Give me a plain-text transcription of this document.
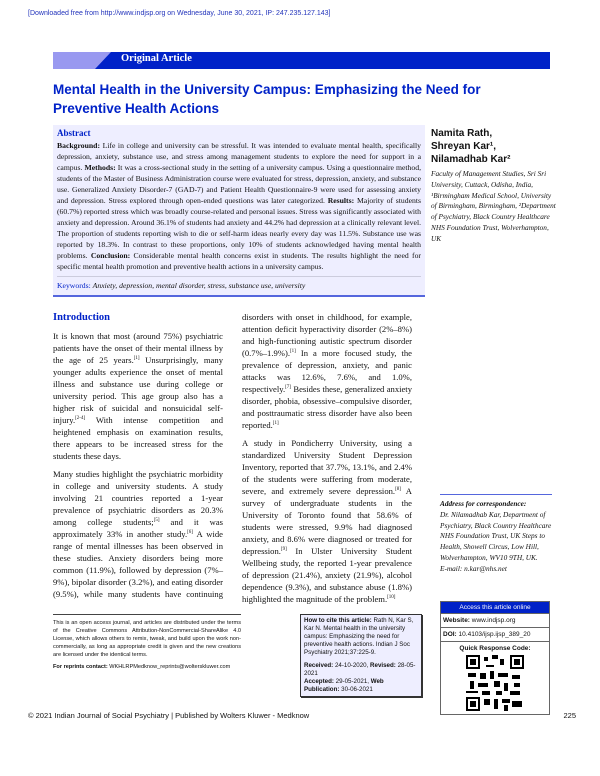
[Downloaded free from http://www.indjsp.org on Wednesday, June 30, 2021, IP: 247.235.127.143]
Original Article
Mental Health in the University Campus: Emphasizing the Need for Preventive Health Actions
Abstract

Background: Life in college and university can be stressful. It was intended to evaluate mental health, specifically depression, anxiety, substance use, and stress among management students to explore the need for support in a campus. Methods: It was a cross-sectional study in the setting of a university campus. Using a questionnaire method, students of the Master of Business Administration course were evaluated for stress, depression, anxiety, and substance use. Generalized Anxiety Disorder-7 (GAD-7) and Patient Health Questionnaire-9 were used for assessing anxiety and depression. Stress explored through open-ended questions was later categorized. Results: Majority of students (60.7%) reported stress which was broadly course-related and personal issues. Stress was significantly associated with anxiety and depression. Around 36.1% of students had anxiety and 44.2% had depression at a clinically relevant level. The proportion of students reporting wish to die or self-harm ideas nearly every day was 11.5%. Substance use was reported by 18.3%. In contrast to these proportions, only 10% of students acknowledged having mental health problems. Conclusion: Considerable mental health concerns exist in students. The results highlight the need for specific mental health promotion and preventive health actions in a university campus.

Keywords: Anxiety, depression, mental disorder, stress, substance use, university
Introduction

It is known that most (around 75%) psychiatric patients have the onset of their mental illness by the age of 25 years.[1] Unsurprisingly, many younger adults experience the onset of mental illness and substance use during college or university period. This age group also has a higher risk of suicidal and nonsuicidal self-injury.[2-4] With intense competition and heightened emphasis on examination results, there appears to be increased stress for the students these days.

Many studies highlight the psychiatric morbidity in college and university students. A study involving 21 countries reported a 1-year prevalence of psychiatric disorders as 20.3% among college students;[5] and it was approximately 33% in another study.[6] A wide range of mental illnesses has been observed in these studies. Anxiety disorders being more common (11.9%), followed by depression (7%–9%), bipolar disorder (3.2%), and eating disorder (9.5%), while many students have continuing disorders with onset in childhood, for example, attention deficit hyperactivity disorder (2%–8%) and high-functioning autistic spectrum disorder (0.7%–1.9%).[1] In a more focused study, the prevalence of depression, anxiety, and panic attacks was 12.6%, 7.6%, and 1.0%, respectively.[7] Besides these, generalized anxiety disorder, phobia, obsessive–compulsive disorder, and posttraumatic stress disorder have also been reported.[1]

A study in Pondicherry University, using a standardized University Student Depression Inventory, reported that 37.7%, 13.1%, and 2.4% of the students were suffering from moderate, severe, and extremely severe depression.[8] A survey of undergraduate students in the University of Toronto found that 58.6% of students were stressed, 9.9% had diagnosed anxiety, and 8.6% were diagnosed or treated for depression.[9] In Ulster University Student Wellbeing study, the reported 1-year prevalence of depression (21.4%), anxiety (21.9%), alcohol dependence (9.3%), and substance abuse (1.8%) highlighted the magnitude of the problem.[10]

This is an open access journal, and articles are distributed under the terms of the Creative Commons Attribution-NonCommercial-ShareAlike 4.0 License, which allows others to remix, tweak, and build upon the work non-commercially, as long as appropriate credit is given and the new creations are licensed under the identical terms.
For reprints contact: WKHLRPMedknow_reprints@wolterskluwer.com
How to cite this article: Rath N, Kar S, Kar N. Mental health in the university campus: Emphasizing the need for preventive health actions. Indian J Soc Psychiatry 2021;37:225-9.
Received: 24-10-2020, Revised: 28-05-2021
Accepted: 29-05-2021, Web Publication: 30-06-2021
© 2021 Indian Journal of Social Psychiatry | Published by Wolters Kluwer - Medknow	225
Namita Rath,
Shreyan Kar¹,
Nilamadhab Kar²
Faculty of Management Studies, Sri Sri University, Cuttack, Odisha, India, ¹Birmingham Medical School, University of Birmingham, Birmingham, ²Department of Psychiatry, Black Country Healthcare NHS Foundation Trust, Wolverhampton, UK
Address for correspondence:
Dr. Nilamadhab Kar, Department of Psychiatry, Black Country Healthcare NHS Foundation Trust, UK Steps to Health, Showell Circus, Low Hill, Wolverhampton, WV10 9TH, UK.
E-mail: n.kar@nhs.net
Access this article online
Website: www.indjsp.org
DOI: 10.4103/ijsp.ijsp_389_20
Quick Response Code:
